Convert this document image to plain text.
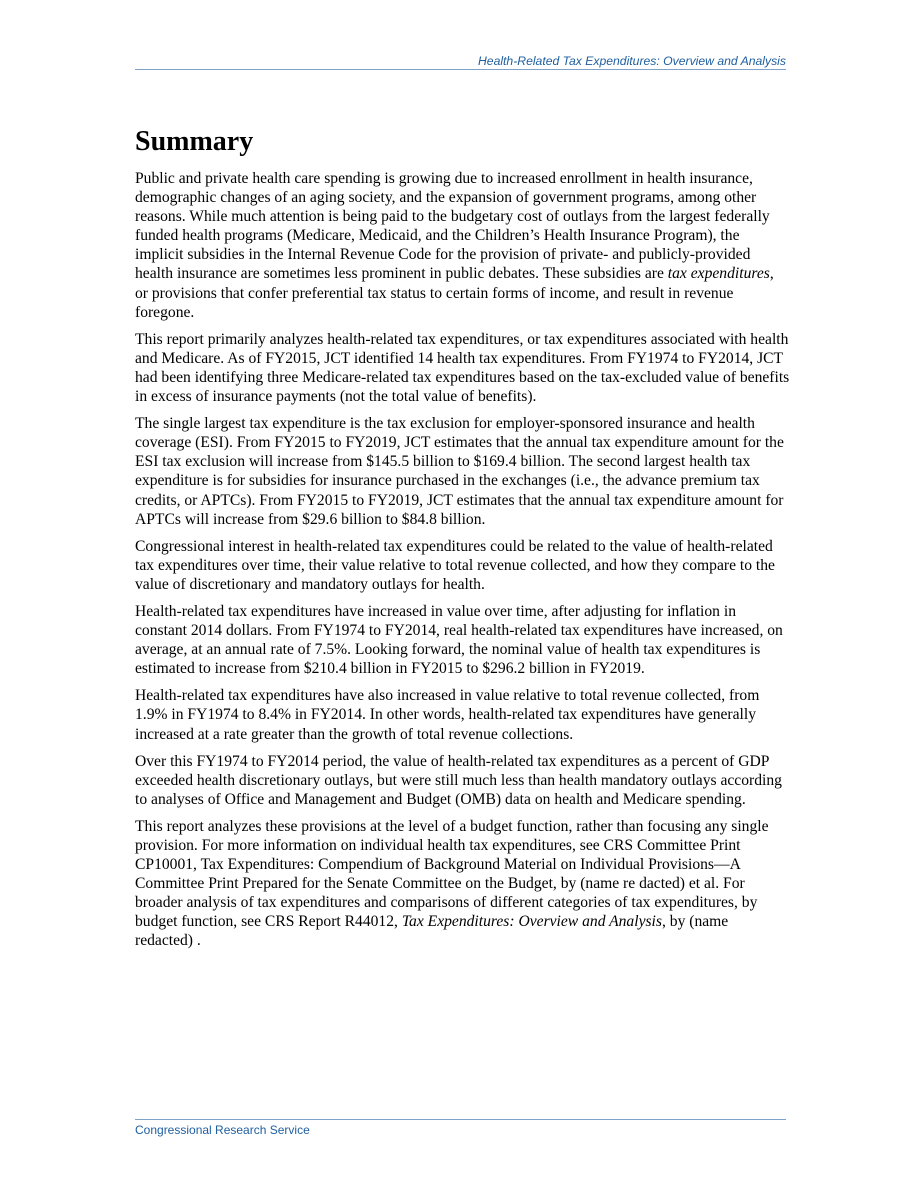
Health-Related Tax Expenditures: Overview and Analysis
Summary

Public and private health care spending is growing due to increased enrollment in health insurance, demographic changes of an aging society, and the expansion of government programs, among other reasons. While much attention is being paid to the budgetary cost of outlays from the largest federally funded health programs (Medicare, Medicaid, and the Children’s Health Insurance Program), the implicit subsidies in the Internal Revenue Code for the provision of private- and publicly-provided health insurance are sometimes less prominent in public debates. These subsidies are tax expenditures, or provisions that confer preferential tax status to certain forms of income, and result in revenue foregone.

This report primarily analyzes health-related tax expenditures, or tax expenditures associated with health and Medicare. As of FY2015, JCT identified 14 health tax expenditures. From FY1974 to FY2014, JCT had been identifying three Medicare-related tax expenditures based on the tax-excluded value of benefits in excess of insurance payments (not the total value of benefits).

The single largest tax expenditure is the tax exclusion for employer-sponsored insurance and health coverage (ESI). From FY2015 to FY2019, JCT estimates that the annual tax expenditure amount for the ESI tax exclusion will increase from $145.5 billion to $169.4 billion. The second largest health tax expenditure is for subsidies for insurance purchased in the exchanges (i.e., the advance premium tax credits, or APTCs). From FY2015 to FY2019, JCT estimates that the annual tax expenditure amount for APTCs will increase from $29.6 billion to $84.8 billion.

Congressional interest in health-related tax expenditures could be related to the value of health-related tax expenditures over time, their value relative to total revenue collected, and how they compare to the value of discretionary and mandatory outlays for health.

Health-related tax expenditures have increased in value over time, after adjusting for inflation in constant 2014 dollars. From FY1974 to FY2014, real health-related tax expenditures have increased, on average, at an annual rate of 7.5%. Looking forward, the nominal value of health tax expenditures is estimated to increase from $210.4 billion in FY2015 to $296.2 billion in FY2019.

Health-related tax expenditures have also increased in value relative to total revenue collected, from 1.9% in FY1974 to 8.4% in FY2014. In other words, health-related tax expenditures have generally increased at a rate greater than the growth of total revenue collections.

Over this FY1974 to FY2014 period, the value of health-related tax expenditures as a percent of GDP exceeded health discretionary outlays, but were still much less than health mandatory outlays according to analyses of Office and Management and Budget (OMB) data on health and Medicare spending.

This report analyzes these provisions at the level of a budget function, rather than focusing any single provision. For more information on individual health tax expenditures, see CRS Committee Print CP10001, Tax Expenditures: Compendium of Background Material on Individual Provisions—A Committee Print Prepared for the Senate Committee on the Budget, by (name re dacted) et al. For broader analysis of tax expenditures and comparisons of different categories of tax expenditures, by budget function, see CRS Report R44012, Tax Expenditures: Overview and Analysis, by (name redacted) .

Congressional Research Service
